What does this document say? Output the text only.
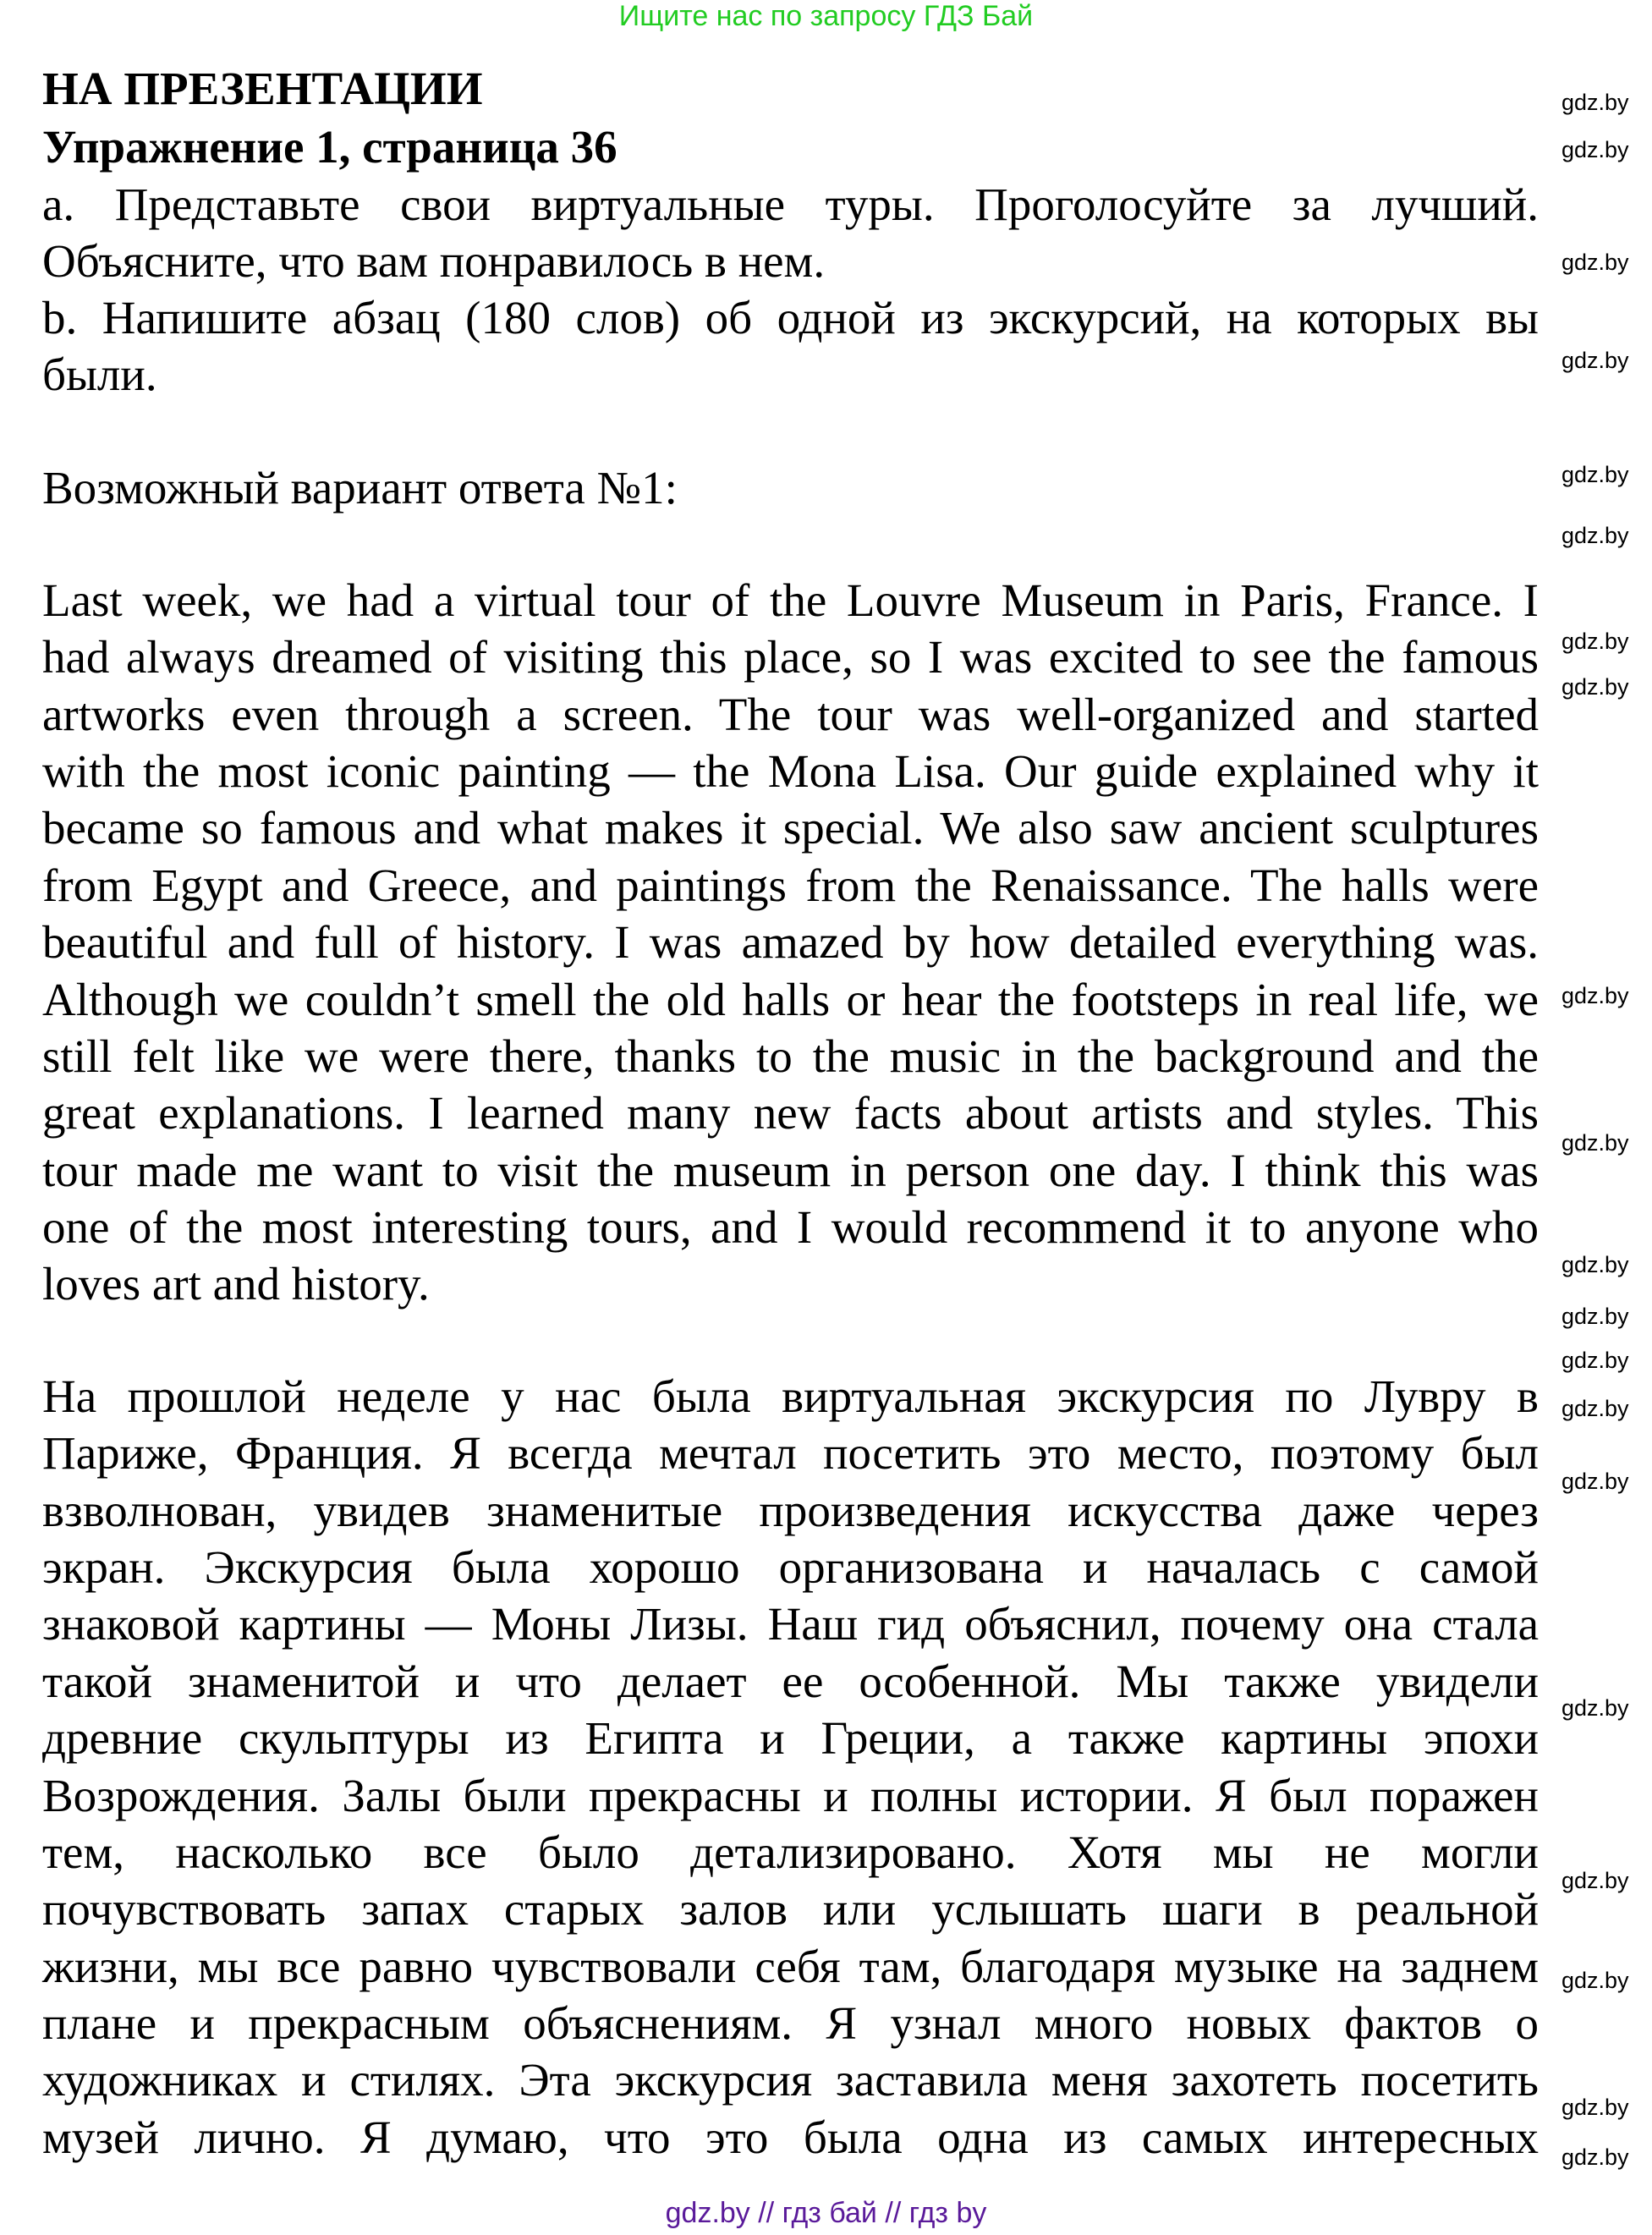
Ищите нас по запросу ГДЗ Бай
НА ПРЕЗЕНТАЦИИ
Упражнение 1, страница 36
a. Представьте свои виртуальные туры. Проголосуйте за лучший.
Объясните, что вам понравилось в нем.
b. Напишите абзац (180 слов) об одной из экскурсий, на которых вы
были.
Возможный вариант ответа №1:
Last week, we had a virtual tour of the Louvre Museum in Paris, France. I
had always dreamed of visiting this place, so I was excited to see the famous
artworks even through a screen. The tour was well-organized and started
with the most iconic painting — the Mona Lisa. Our guide explained why it
became so famous and what makes it special. We also saw ancient sculptures
from Egypt and Greece, and paintings from the Renaissance. The halls were
beautiful and full of history. I was amazed by how detailed everything was.
Although we couldn’t smell the old halls or hear the footsteps in real life, we
still felt like we were there, thanks to the music in the background and the
great explanations. I learned many new facts about artists and styles. This
tour made me want to visit the museum in person one day. I think this was
one of the most interesting tours, and I would recommend it to anyone who
loves art and history.
На прошлой неделе у нас была виртуальная экскурсия по Лувру в
Париже, Франция. Я всегда мечтал посетить это место, поэтому был
взволнован, увидев знаменитые произведения искусства даже через
экран. Экскурсия была хорошо организована и началась с самой
знаковой картины — Моны Лизы. Наш гид объяснил, почему она стала
такой знаменитой и что делает ее особенной. Мы также увидели
древние скульптуры из Египта и Греции, а также картины эпохи
Возрождения. Залы были прекрасны и полны истории. Я был поражен
тем, насколько все было детализировано. Хотя мы не могли
почувствовать запах старых залов или услышать шаги в реальной
жизни, мы все равно чувствовали себя там, благодаря музыке на заднем
плане и прекрасным объяснениям. Я узнал много новых фактов о
художниках и стилях. Эта экскурсия заставила меня захотеть посетить
музей лично. Я думаю, что это была одна из самых интересных
gdz.by // гдз бай // гдз by
gdz.by
gdz.by
gdz.by
gdz.by
gdz.by
gdz.by
gdz.by
gdz.by
gdz.by
gdz.by
gdz.by
gdz.by
gdz.by
gdz.by
gdz.by
gdz.by
gdz.by
gdz.by
gdz.by
gdz.by
